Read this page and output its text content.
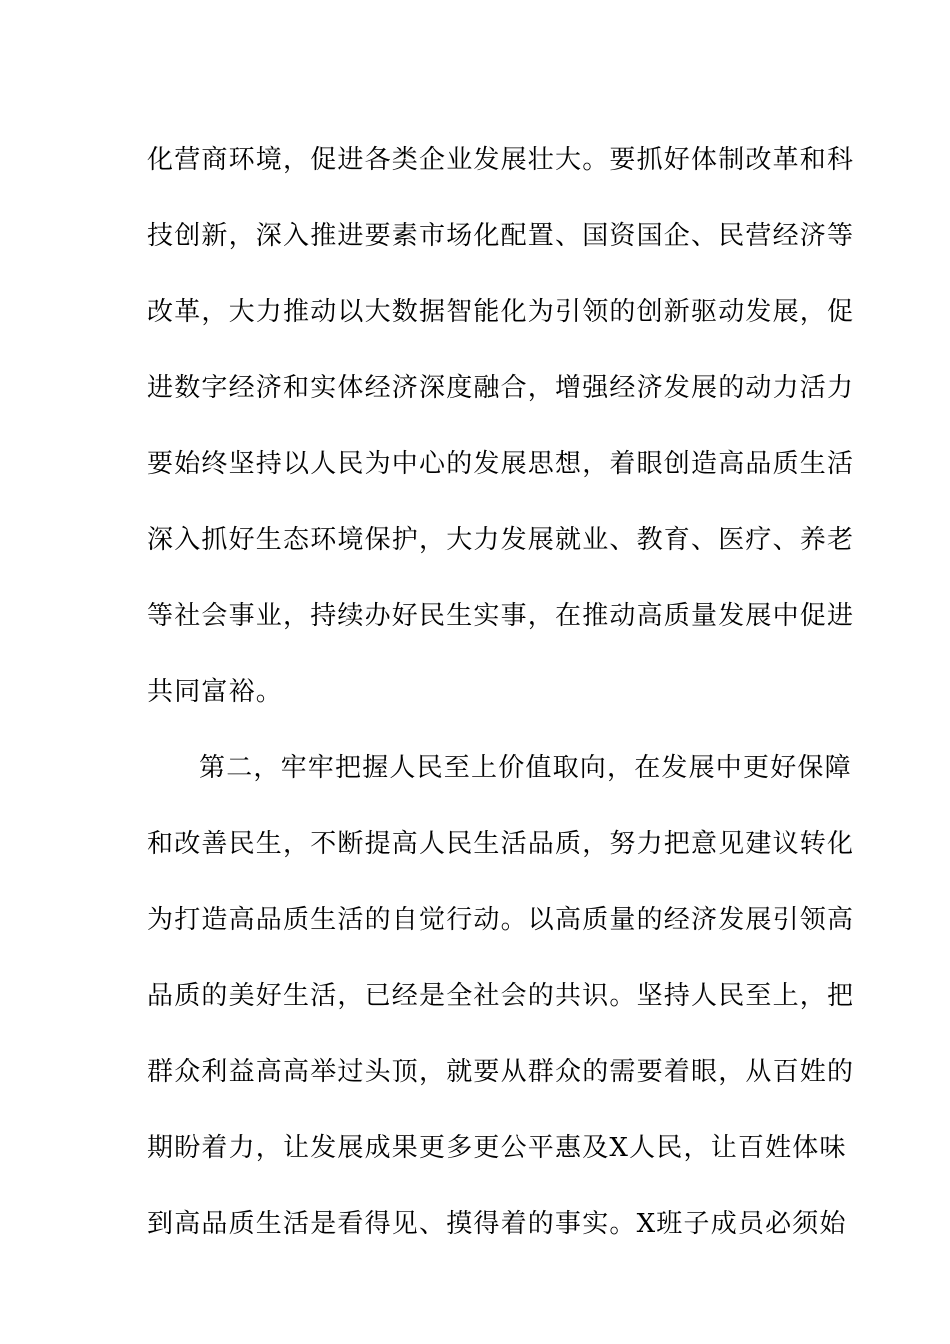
化营商环境，促进各类企业发展壮大。要抓好体制改革和科
技创新，深入推进要素市场化配置、国资国企、民营经济等
改革，大力推动以大数据智能化为引领的创新驱动发展，促
进数字经济和实体经济深度融合，增强经济发展的动力活力
要始终坚持以人民为中心的发展思想，着眼创造高品质生活
深入抓好生态环境保护，大力发展就业、教育、医疗、养老
等社会事业，持续办好民生实事，在推动高质量发展中促进
共同富裕。
第二，牢牢把握人民至上价值取向，在发展中更好保障
和改善民生，不断提高人民生活品质，努力把意见建议转化
为打造高品质生活的自觉行动。以高质量的经济发展引领高
品质的美好生活，已经是全社会的共识。坚持人民至上，把
群众利益高高举过头顶，就要从群众的需要着眼，从百姓的
期盼着力，让发展成果更多更公平惠及X人民，让百姓体味
到高品质生活是看得见、摸得着的事实。X班子成员必须始
